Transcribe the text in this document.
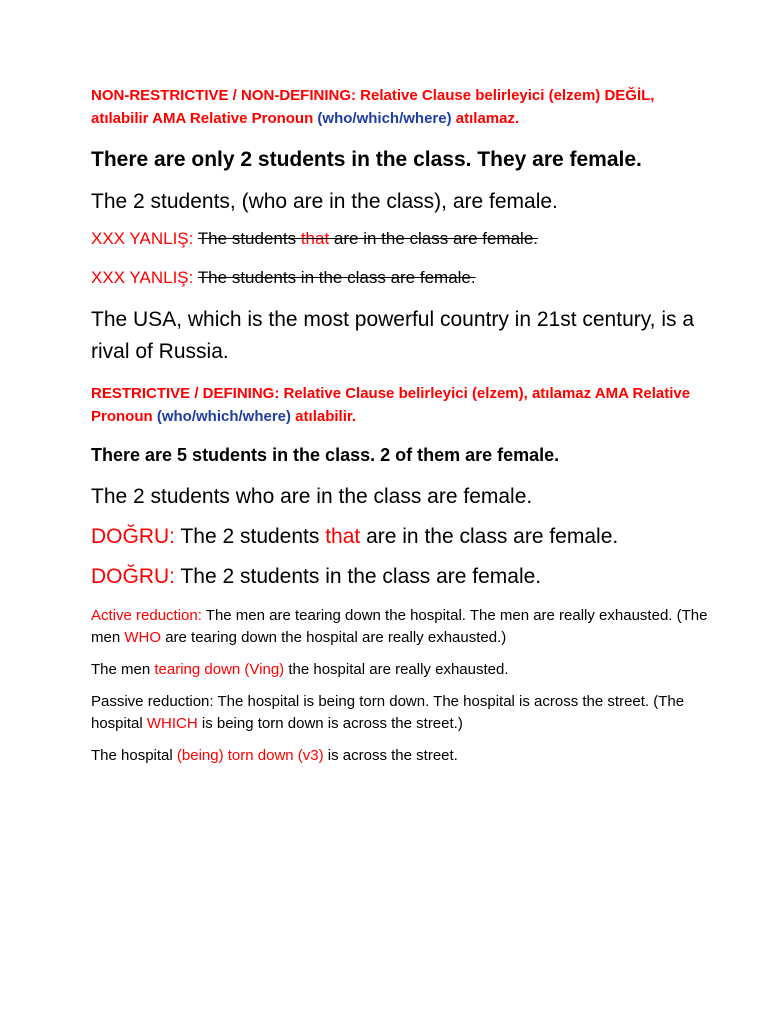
NON-RESTRICTIVE / NON-DEFINING: Relative Clause belirleyici (elzem) DEĞİL, atılabilir AMA Relative Pronoun (who/which/where) atılamaz.

There are only 2 students in the class. They are female.

The 2 students, (who are in the class), are female.

XXX YANLIŞ: The students that are in the class are female.

XXX YANLIŞ: The students in the class are female.

The USA, which is the most powerful country in 21st century, is a rival of Russia.

RESTRICTIVE / DEFINING: Relative Clause belirleyici (elzem), atılamaz AMA Relative Pronoun (who/which/where) atılabilir.

There are 5 students in the class. 2 of them are female.

The 2 students who are in the class are female.

DOĞRU: The 2 students that are in the class are female.

DOĞRU: The 2 students in the class are female.

Active reduction: The men are tearing down the hospital. The men are really exhausted. (The men WHO are tearing down the hospital are really exhausted.)

The men tearing down (Ving) the hospital are really exhausted.

Passive reduction: The hospital is being torn down. The hospital is across the street. (The hospital WHICH is being torn down is across the street.)

The hospital (being) torn down (v3) is across the street.
